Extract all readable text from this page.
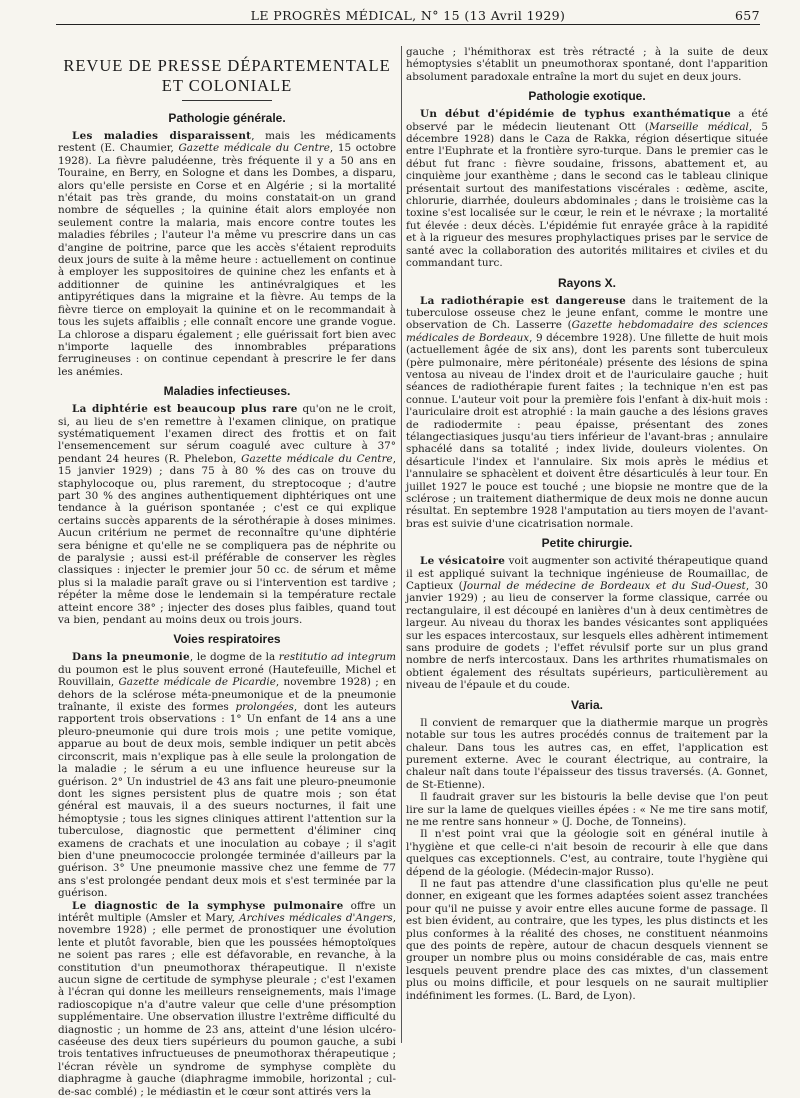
LE PROGRÈS MÉDICAL, N° 15 (13 Avril 1929)	657
REVUE DE PRESSE DÉPARTEMENTALE
ET COLONIALE
Pathologie générale.

Les maladies disparaissent, mais les médicaments restent (E. Chaumier, Gazette médicale du Centre, 15 octobre 1928). La fièvre paludéenne, très fréquente il y a 50 ans en Touraine, en Berry, en Sologne et dans les Dombes, a disparu, alors qu'elle persiste en Corse et en Algérie ; si la mortalité n'était pas très grande, du moins constatait-on un grand nombre de séquelles ; la quinine était alors employée non seulement contre la malaria, mais encore contre toutes les maladies fébriles ; l'auteur l'a même vu prescrire dans un cas d'angine de poitrine, parce que les accès s'étaient reproduits deux jours de suite à la même heure : actuellement on continue à employer les suppositoires de quinine chez les enfants et à additionner de quinine les antinévralgiques et les antipyrétiques dans la migraine et la fièvre. Au temps de la fièvre tierce on employait la quinine et on le recommandait à tous les sujets affaiblis ; elle connaît encore une grande vogue. La chlorose a disparu également ; elle guérissait fort bien avec n'importe laquelle des innombrables préparations ferrugineuses : on continue cependant à prescrire le fer dans les anémies.

Maladies infectieuses.

La diphtérie est beaucoup plus rare qu'on ne le croit, si, au lieu de s'en remettre à l'examen clinique, on pratique systématiquement l'examen direct des frottis et on fait l'ensemencement sur sérum coagulé avec culture à 37° pendant 24 heures (R. Phelebon, Gazette médicale du Centre, 15 janvier 1929) ; dans 75 à 80 % des cas on trouve du staphylocoque ou, plus rarement, du streptocoque ; d'autre part 30 % des angines authentiquement diphtériques ont une tendance à la guérison spontanée ; c'est ce qui explique certains succès apparents de la sérothérapie à doses minimes. Aucun critérium ne permet de reconnaître qu'une diphtérie sera bénigne et qu'elle ne se compliquera pas de néphrite ou de paralysie ; aussi est-il préférable de conserver les règles classiques : injecter le premier jour 50 cc. de sérum et même plus si la maladie paraît grave ou si l'intervention est tardive ; répéter la même dose le lendemain si la température rectale atteint encore 38° ; injecter des doses plus faibles, quand tout va bien, pendant au moins deux ou trois jours.

Voies respiratoires

Dans la pneumonie, le dogme de la restitutio ad integrum du poumon est le plus souvent erroné (Hautefeuille, Michel et Rouvillain, Gazette médicale de Picardie, novembre 1928) ; en dehors de la sclérose méta-pneumonique et de la pneumonie traînante, il existe des formes prolongées, dont les auteurs rapportent trois observations : 1° Un enfant de 14 ans a une pleuro-pneumonie qui dure trois mois ; une petite vomique, apparue au bout de deux mois, semble indiquer un petit abcès circonscrit, mais n'explique pas à elle seule la prolongation de la maladie ; le sérum a eu une influence heureuse sur la guérison. 2° Un industriel de 43 ans fait une pleuro-pneumonie dont les signes persistent plus de quatre mois ; son état général est mauvais, il a des sueurs nocturnes, il fait une hémoptysie ; tous les signes cliniques attirent l'attention sur la tuberculose, diagnostic que permettent d'éliminer cinq examens de crachats et une inoculation au cobaye ; il s'agit bien d'une pneumococcie prolongée terminée d'ailleurs par la guérison. 3° Une pneumonie massive chez une femme de 77 ans s'est prolongée pendant deux mois et s'est terminée par la guérison.

Le diagnostic de la symphyse pulmonaire offre un intérêt multiple (Amsler et Mary, Archives médicales d'Angers, novembre 1928) ; elle permet de pronostiquer une évolution lente et plutôt favorable, bien que les poussées hémoptoïques ne soient pas rares ; elle est défavorable, en revanche, à la constitution d'un pneumothorax thérapeutique. Il n'existe aucun signe de certitude de symphyse pleurale ; c'est l'examen à l'écran qui donne les meilleurs renseignements, mais l'image radioscopique n'a d'autre valeur que celle d'une présomption supplémentaire. Une observation illustre l'extrême difficulté du diagnostic ; un homme de 23 ans, atteint d'une lésion ulcéro-caséeuse des deux tiers supérieurs du poumon gauche, a subi trois tentatives infructueuses de pneumothorax thérapeutique ; l'écran révèle un syndrome de symphyse complète du diaphragme à gauche (diaphragme immobile, horizontal ; cul-de-sac comblé) ; le médiastin et le cœur sont attirés vers la

gauche ; l'hémithorax est très rétracté ; à la suite de deux hémoptysies s'établit un pneumothorax spontané, dont l'apparition absolument paradoxale entraîne la mort du sujet en deux jours.

Pathologie exotique.

Un début d'épidémie de typhus exanthématique a été observé par le médecin lieutenant Ott (Marseille médical, 5 décembre 1928) dans le Caza de Rakka, région désertique située entre l'Euphrate et la frontière syro-turque. Dans le premier cas le début fut franc : fièvre soudaine, frissons, abattement et, au cinquième jour exanthème ; dans le second cas le tableau clinique présentait surtout des manifestations viscérales : œdème, ascite, chlorurie, diarrhée, douleurs abdominales ; dans le troisième cas la toxine s'est localisée sur le cœur, le rein et le névraxe ; la mortalité fut élevée : deux décès. L'épidémie fut enrayée grâce à la rapidité et à la rigueur des mesures prophylactiques prises par le service de santé avec la collaboration des autorités militaires et civiles et du commandant turc.

Rayons X.

La radiothérapie est dangereuse dans le traitement de la tuberculose osseuse chez le jeune enfant, comme le montre une observation de Ch. Lasserre (Gazette hebdomadaire des sciences médicales de Bordeaux, 9 décembre 1928). Une fillette de huit mois (actuellement âgée de six ans), dont les parents sont tuberculeux (père pulmonaire, mère péritonéale) présente des lésions de spina ventosa au niveau de l'index droit et de l'auriculaire gauche ; huit séances de radiothérapie furent faites ; la technique n'en est pas connue. L'auteur voit pour la première fois l'enfant à dix-huit mois : l'auriculaire droit est atrophié : la main gauche a des lésions graves de radiodermite : peau épaisse, présentant des zones télangectiasiques jusqu'au tiers inférieur de l'avant-bras ; annulaire sphacélé dans sa totalité ; index livide, douleurs violentes. On désarticule l'index et l'annulaire. Six mois après le médius et l'annulaire se sphacèlent et doivent être désarticulés à leur tour. En juillet 1927 le pouce est touché ; une biopsie ne montre que de la sclérose ; un traitement diathermique de deux mois ne donne aucun résultat. En septembre 1928 l'amputation au tiers moyen de l'avant-bras est suivie d'une cicatrisation normale.

Petite chirurgie.

Le vésicatoire voit augmenter son activité thérapeutique quand il est appliqué suivant la technique ingénieuse de Roumaillac, de Captieux (Journal de médecine de Bordeaux et du Sud-Ouest, 30 janvier 1929) ; au lieu de conserver la forme classique, carrée ou rectangulaire, il est découpé en lanières d'un à deux centimètres de largeur. Au niveau du thorax les bandes vésicantes sont appliquées sur les espaces intercostaux, sur lesquels elles adhèrent intimement sans produire de godets ; l'effet révulsif porte sur un plus grand nombre de nerfs intercostaux. Dans les arthrites rhumatismales on obtient également des résultats supérieurs, particulièrement au niveau de l'épaule et du coude.

Varia.

Il convient de remarquer que la diathermie marque un progrès notable sur tous les autres procédés connus de traitement par la chaleur. Dans tous les autres cas, en effet, l'application est purement externe. Avec le courant électrique, au contraire, la chaleur naît dans toute l'épaisseur des tissus traversés. (A. Gonnet, de St-Etienne).

Il faudrait graver sur les bistouris la belle devise que l'on peut lire sur la lame de quelques vieilles épées : « Ne me tire sans motif, ne me rentre sans honneur » (J. Doche, de Tonneins).

Il n'est point vrai que la géologie soit en général inutile à l'hygiène et que celle-ci n'ait besoin de recourir à elle que dans quelques cas exceptionnels. C'est, au contraire, toute l'hygiène qui dépend de la géologie. (Médecin-major Russo).

Il ne faut pas attendre d'une classification plus qu'elle ne peut donner, en exigeant que les formes adaptées soient assez tranchées pour qu'il ne puisse y avoir entre elles aucune forme de passage. Il est bien évident, au contraire, que les types, les plus distincts et les plus conformes à la réalité des choses, ne constituent néanmoins que des points de repère, autour de chacun desquels viennent se grouper un nombre plus ou moins considérable de cas, mais entre lesquels peuvent prendre place des cas mixtes, d'un classement plus ou moins difficile, et pour lesquels on ne saurait multiplier indéfiniment les formes. (L. Bard, de Lyon).
